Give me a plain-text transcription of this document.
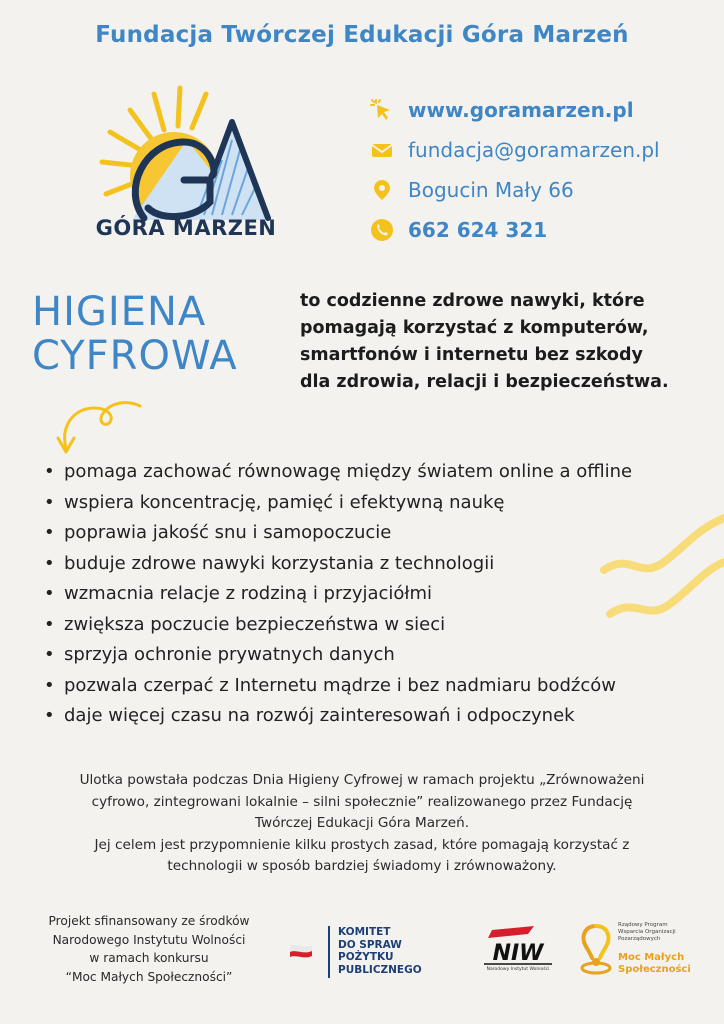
Fundacja Twórczej Edukacji Góra Marzeń
GÓRA MARZEŃ
www.goramarzen.pl
fundacja@goramarzen.pl
Bogucin Mały 66
662 624 321
HIGIENA
CYFROWA
to codzienne zdrowe nawyki, które
pomagają korzystać z komputerów,
smartfonów i internetu bez szkody
dla zdrowia, relacji i bezpieczeństwa.
• pomaga zachować równowagę między światem online a offline
• wspiera koncentrację, pamięć i efektywną naukę
• poprawia jakość snu i samopoczucie
• buduje zdrowe nawyki korzystania z technologii
• wzmacnia relacje z rodziną i przyjaciółmi
• zwiększa poczucie bezpieczeństwa w sieci
• sprzyja ochronie prywatnych danych
• pozwala czerpać z Internetu mądrze i bez nadmiaru bodźców
• daje więcej czasu na rozwój zainteresowań i odpoczynek
Ulotka powstała podczas Dnia Higieny Cyfrowej w ramach projektu „Zrównoważeni
cyfrowo, zintegrowani lokalnie – silni społecznie” realizowanego przez Fundację
Twórczej Edukacji Góra Marzeń.
Jej celem jest przypomnienie kilku prostych zasad, które pomagają korzystać z
technologii w sposób bardziej świadomy i zrównoważony.
Projekt sfinansowany ze środków
Narodowego Instytutu Wolności
w ramach konkursu
“Moc Małych Społeczności”
KOMITET
DO SPRAW
POŻYTKU
PUBLICZNEGO
NIW
Narodowy Instytut Wolności
Rządowy Program
Wsparcia Organizacji
Pozarządowych
Moc Małych
Społeczności
